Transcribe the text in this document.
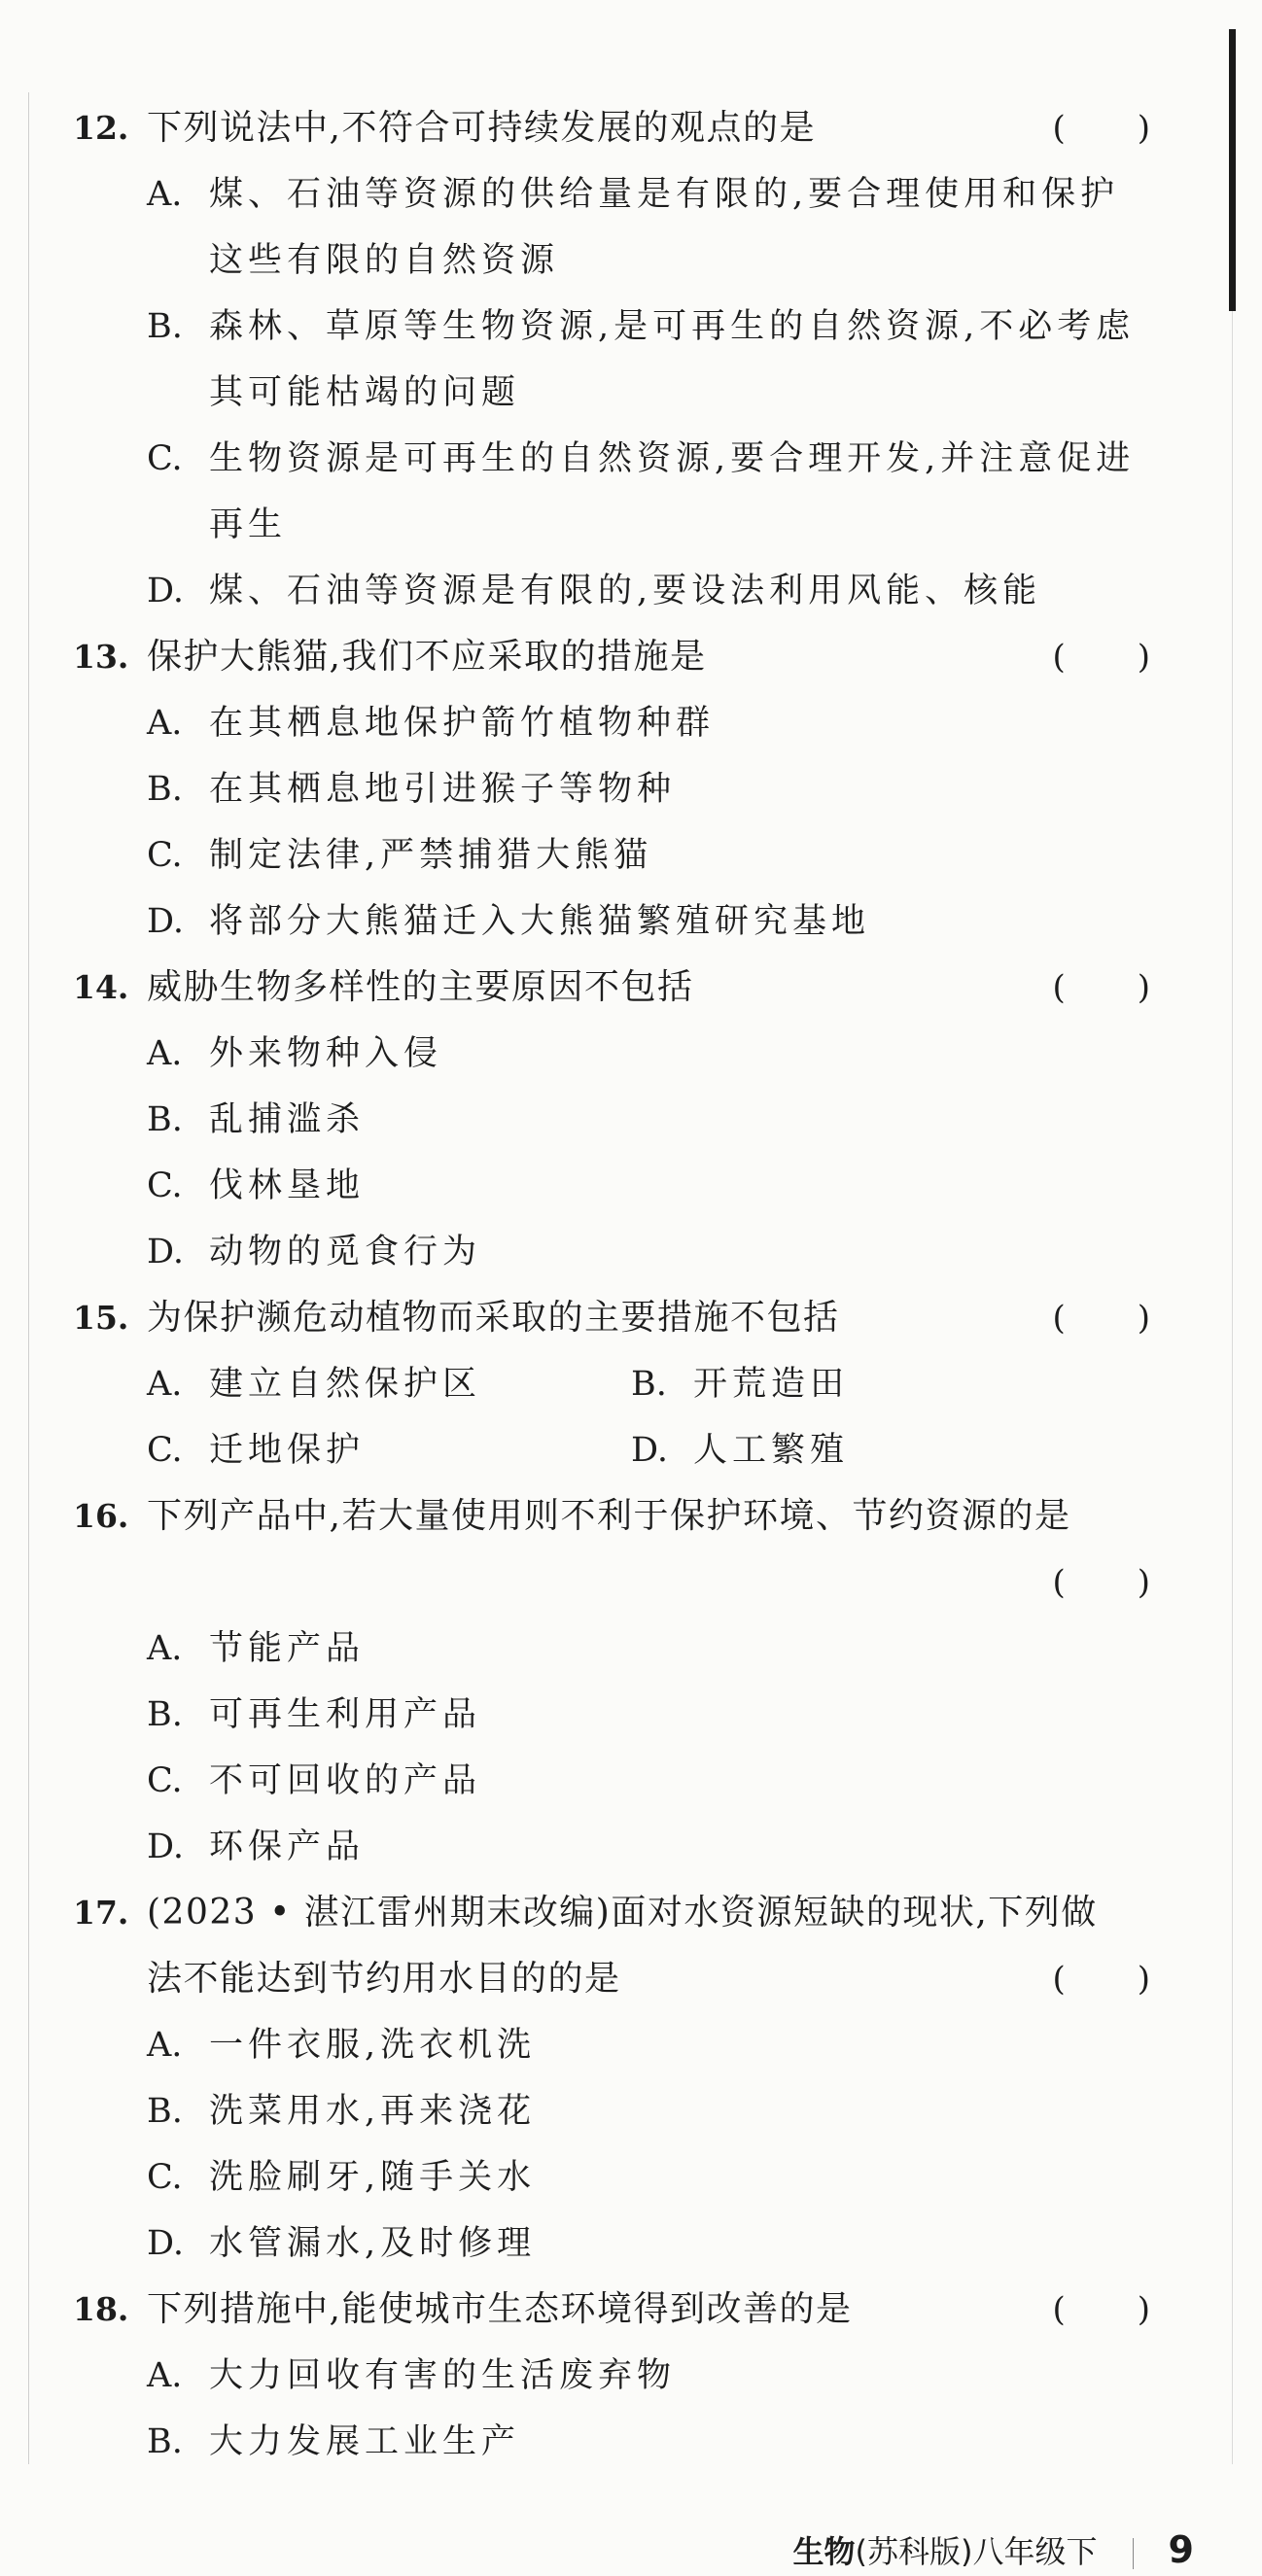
12. 下列说法中,不符合可持续发展的观点的是	(　　)
A. 煤、石油等资源的供给量是有限的,要合理使用和保护
这些有限的自然资源
B. 森林、草原等生物资源,是可再生的自然资源,不必考虑
其可能枯竭的问题
C. 生物资源是可再生的自然资源,要合理开发,并注意促进
再生
D. 煤、石油等资源是有限的,要设法利用风能、核能
13. 保护大熊猫,我们不应采取的措施是	(　　)
A. 在其栖息地保护箭竹植物种群
B. 在其栖息地引进猴子等物种
C. 制定法律,严禁捕猎大熊猫
D. 将部分大熊猫迁入大熊猫繁殖研究基地
14. 威胁生物多样性的主要原因不包括	(　　)
A. 外来物种入侵
B. 乱捕滥杀
C. 伐林垦地
D. 动物的觅食行为
15. 为保护濒危动植物而采取的主要措施不包括	(　　)
A. 建立自然保护区	B. 开荒造田
C. 迁地保护	D. 人工繁殖
16. 下列产品中,若大量使用则不利于保护环境、节约资源的是
(　　)
A. 节能产品
B. 可再生利用产品
C. 不可回收的产品
D. 环保产品
17. (2023 • 湛江雷州期末改编)面对水资源短缺的现状,下列做
法不能达到节约用水目的的是	(　　)
A. 一件衣服,洗衣机洗
B. 洗菜用水,再来浇花
C. 洗脸刷牙,随手关水
D. 水管漏水,及时修理
18. 下列措施中,能使城市生态环境得到改善的是	(　　)
A. 大力回收有害的生活废弃物
B. 大力发展工业生产
生物(苏科版)八年级下 9
